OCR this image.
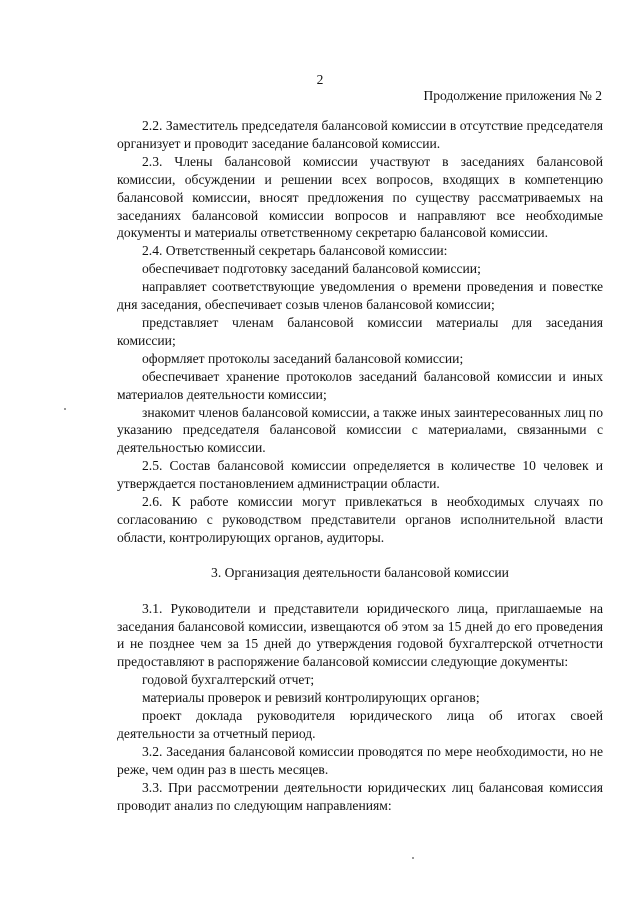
2
Продолжение приложения № 2

2.2. Заместитель председателя балансовой комиссии в отсутствие председателя организует и проводит заседание балансовой комиссии.

2.3. Члены балансовой комиссии участвуют в заседаниях балансовой комиссии, обсуждении и решении всех вопросов, входящих в компетенцию балансовой комиссии, вносят предложения по существу рассматриваемых на заседаниях балансовой комиссии вопросов и направляют все необходимые документы и материалы ответственному секретарю балансовой комиссии.

2.4. Ответственный секретарь балансовой комиссии:

обеспечивает подготовку заседаний балансовой комиссии;

направляет соответствующие уведомления о времени проведения и повестке дня заседания, обеспечивает созыв членов балансовой комиссии;

представляет членам балансовой комиссии материалы для заседания комиссии;

оформляет протоколы заседаний балансовой комиссии;

обеспечивает хранение протоколов заседаний балансовой комиссии и иных материалов деятельности комиссии;

знакомит членов балансовой комиссии, а также иных заинтересованных лиц по указанию председателя балансовой комиссии с материалами, связанными с деятельностью комиссии.

2.5. Состав балансовой комиссии определяется в количестве 10 человек и утверждается постановлением администрации области.

2.6. К работе комиссии могут привлекаться в необходимых случаях по согласованию с руководством представители органов исполнительной власти области, контролирующих органов, аудиторы.

3. Организация деятельности балансовой комиссии

3.1. Руководители и представители юридического лица, приглашаемые на заседания балансовой комиссии, извещаются об этом за 15 дней до его проведения и не позднее чем за 15 дней до утверждения годовой бухгалтерской отчетности предоставляют в распоряжение балансовой комиссии следующие документы:

годовой бухгалтерский отчет;

материалы проверок и ревизий контролирующих органов;

проект доклада руководителя юридического лица об итогах своей деятельности за отчетный период.

3.2. Заседания балансовой комиссии проводятся по мере необходимости, но не реже, чем один раз в шесть месяцев.

3.3. При рассмотрении деятельности юридических лиц балансовая комиссия проводит анализ по следующим направлениям:
